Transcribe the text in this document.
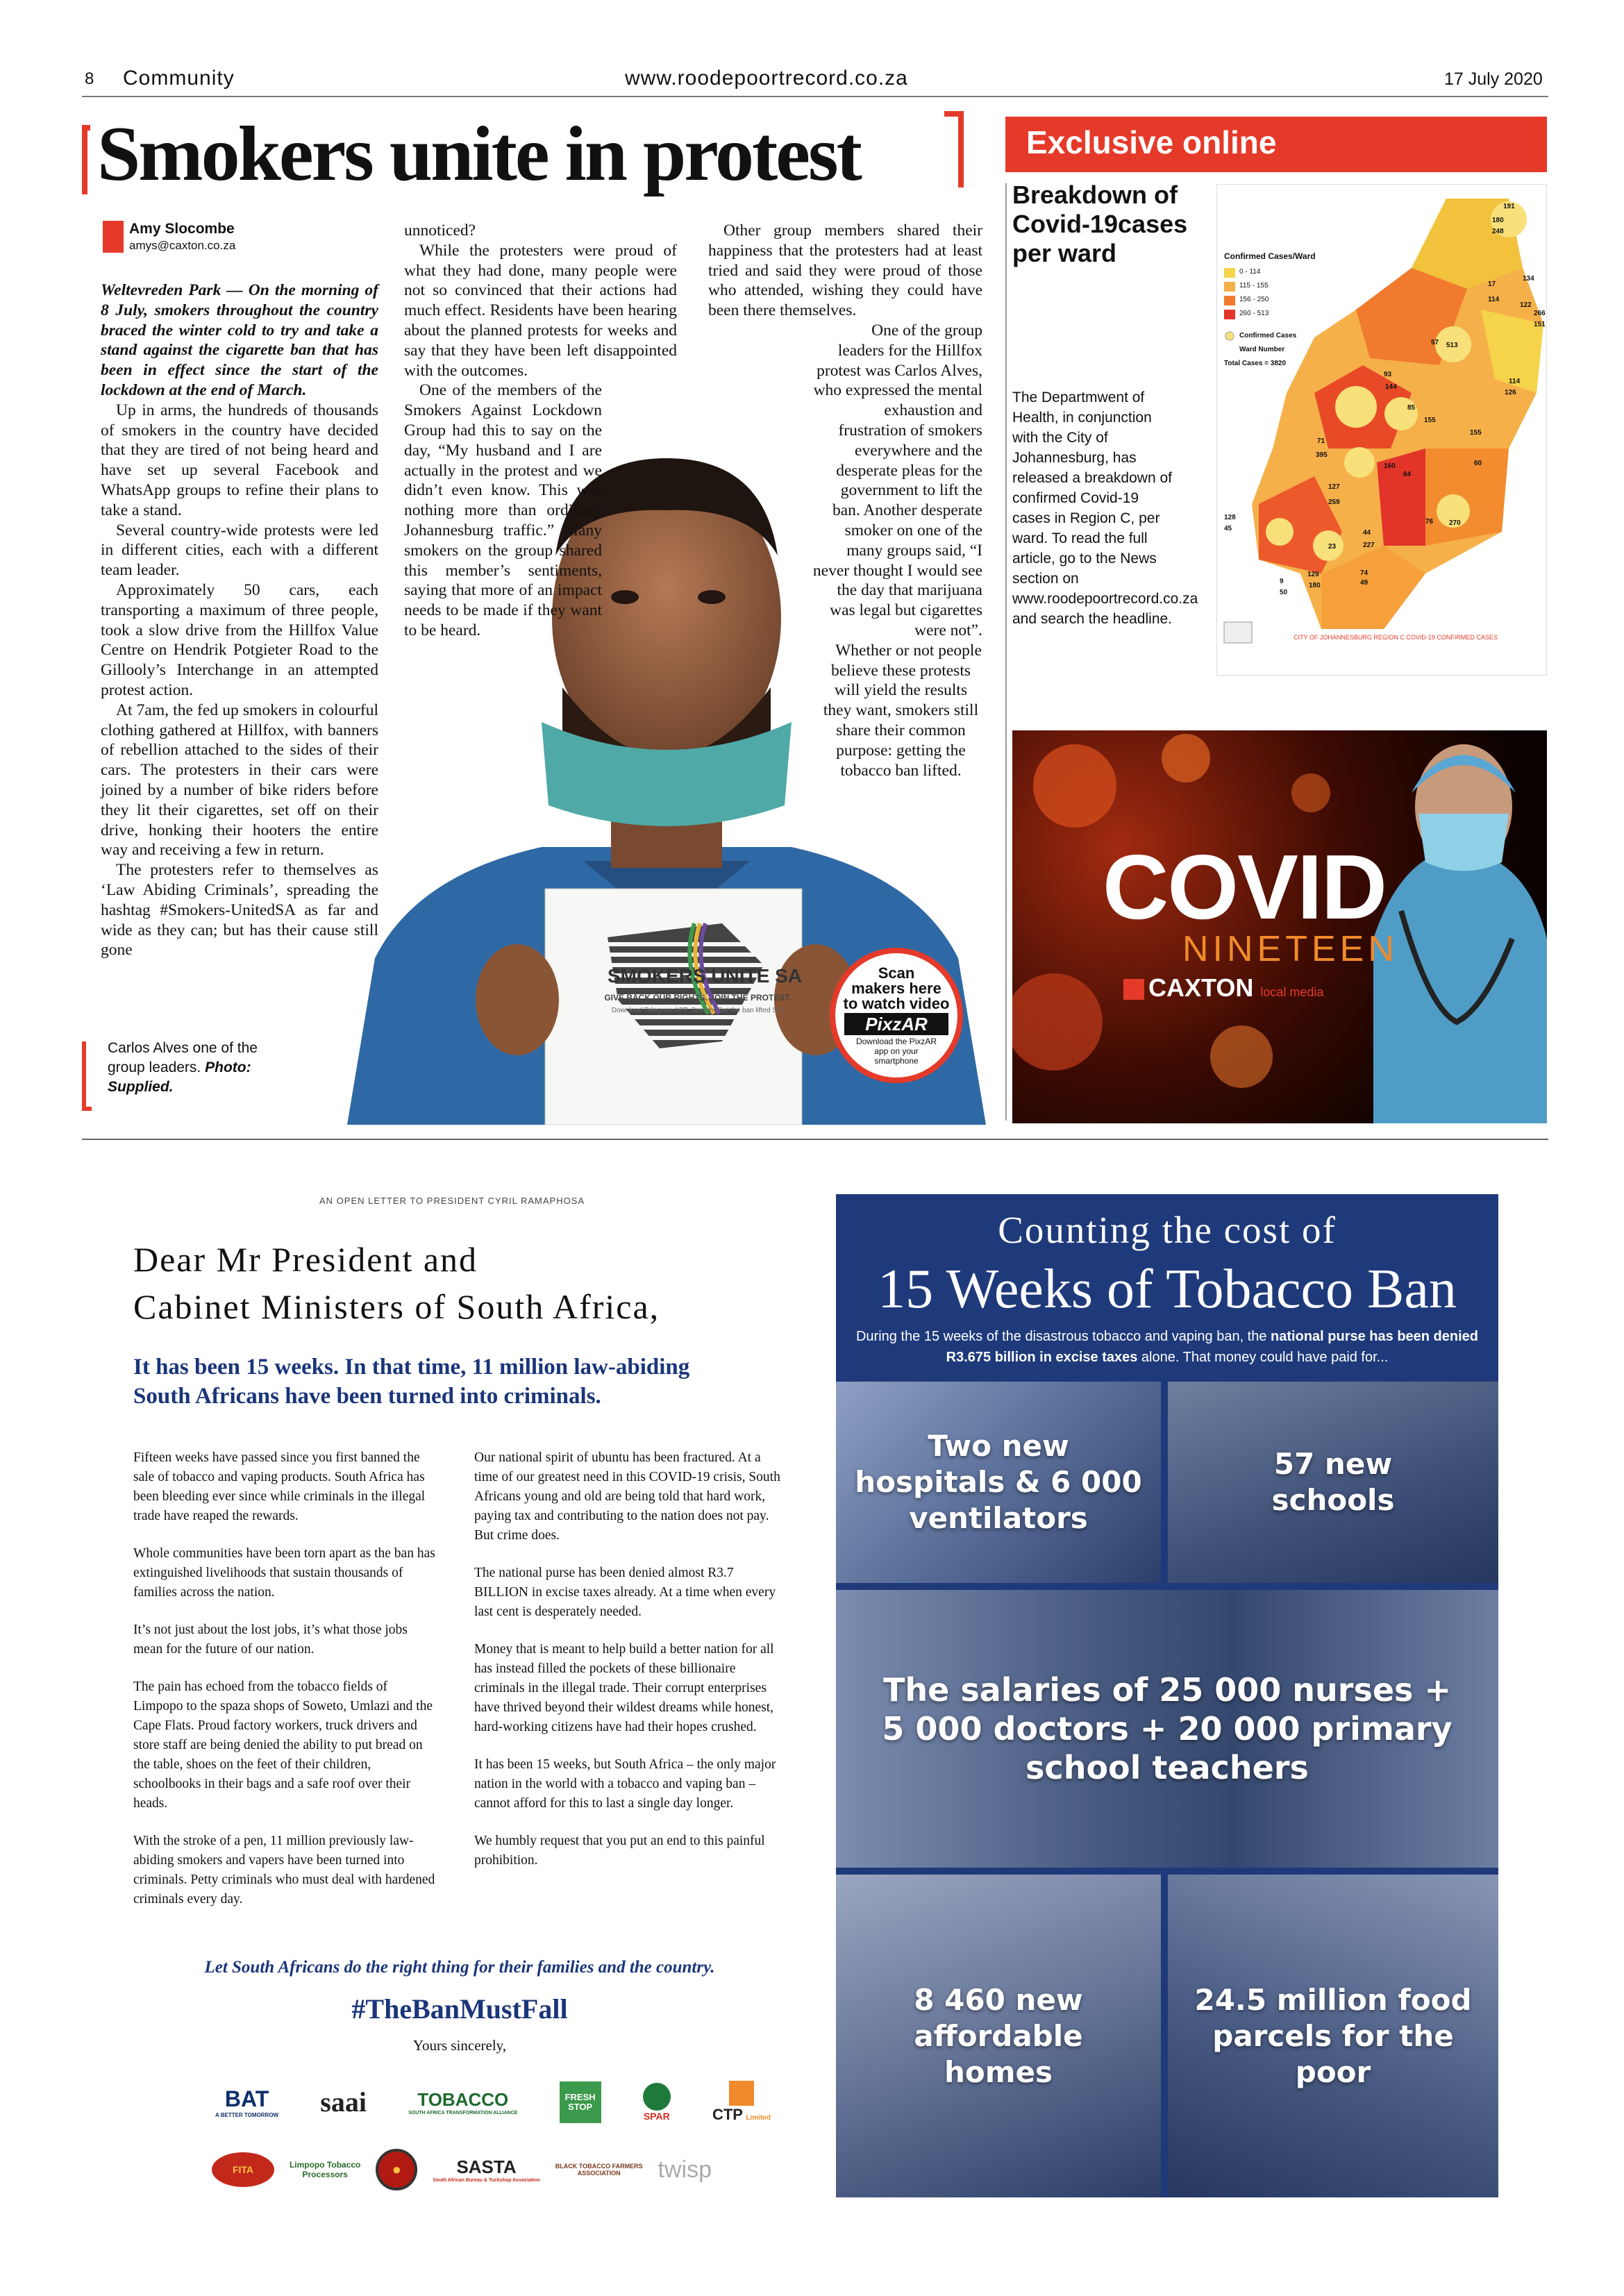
8 Community	www.roodepoortrecord.co.za	17 July 2020
Smokers unite in protest
Amy Slocombe
amys@caxton.co.za

Weltevreden Park — On the morning of 8 July, smokers throughout the country braced the winter cold to try and take a stand against the cigarette ban that has been in effect since the start of the lockdown at the end of March.

Up in arms, the hundreds of thousands of smokers in the country have decided that they are tired of not being heard and have set up several Facebook and WhatsApp groups to refine their plans to take a stand.

Several country-wide protests were led in different cities, each with a different team leader.

Approximately 50 cars, each transporting a maximum of three people, took a slow drive from the Hillfox Value Centre on Hendrik Potgieter Road to the Gillooly’s Interchange in an attempted protest action.

At 7am, the fed up smokers in colourful clothing gathered at Hillfox, with banners of rebellion attached to the sides of their cars. The protesters in their cars were joined by a number of bike riders before they lit their cigarettes, set off on their drive, honking their hooters the entire way and receiving a few in return.

The protesters refer to themselves as ‘Law Abiding Criminals’, spreading the hashtag #Smokers-UnitedSA as far and wide as they can; but has their cause still gone

SMOKERS UNITE SA
GIVE BACK OUR RIGHTS. JOIN THE PROTEST.
Download Telegram APP. Search "Get the ban lifted SA"

unnoticed?

While the protesters were proud of what they had done, many people were not so convinced that their actions had much effect. Residents have been hearing about the planned protests for weeks and say that they have been left disappointed with the outcomes.

One of the members of the Smokers Against Lockdown Group had this to say on the day, “My husband and I are actually in the protest and we didn’t even know. This was nothing more than ordinary Johannesburg traffic.” Many smokers on the group shared this member’s sentiments, saying that more of an impact needs to be made if they want to be heard.

Other group members shared their happiness that the protesters had at least tried and said they were proud of those who attended, wishing they could have been there themselves.

One of the group leaders for the Hillfox protest was Carlos Alves, who expressed the mental exhaustion and frustration of smokers everywhere and the desperate pleas for the government to lift the ban. Another desperate smoker on one of the many groups said, “I never thought I would see the day that marijuana was legal but cigarettes were not”.

Whether or not people believe these protests will yield the results they want, smokers still share their common purpose: getting the tobacco ban lifted.

Carlos Alves one of the group leaders. Photo: Supplied.
Scan
makers here
to watch video
PixzAR
Download the PixzAR app on your smartphone
Exclusive online
Breakdown of Covid-19cases per ward
The Departmwent of Health, in conjunction with the City of Johannesburg, has released a breakdown of confirmed Covid-19 cases in Region C, per ward. To read the full article, go to the News section on www.roodepoortrecord.co.za and search the headline.
Confirmed Cases/Ward
0 - 114
115 - 155
156 - 250
260 - 513
Confirmed Cases
Ward Number
Total Cases = 3820
CITY OF JOHANNESBURG REGION C COVID-19 CONFIRMED CASES
191
180
248
134
17
114
122
266
151
57 513
93
144
114
126
85
155
155
71
395
160
64
60
127
259
128
45
76 270
44
227
23
129
180
74
49
9
50
COVID
NINETEEN
CAXTON local media
AN OPEN LETTER TO PRESIDENT CYRIL RAMAPHOSA
Dear Mr President and
Cabinet Ministers of South Africa,
It has been 15 weeks. In that time, 11 million law-abiding
South Africans have been turned into criminals.

Fifteen weeks have passed since you first banned the sale of tobacco and vaping products. South Africa has been bleeding ever since while criminals in the illegal trade have reaped the rewards.

Whole communities have been torn apart as the ban has extinguished livelihoods that sustain thousands of families across the nation.

It’s not just about the lost jobs, it’s what those jobs mean for the future of our nation.

The pain has echoed from the tobacco fields of Limpopo to the spaza shops of Soweto, Umlazi and the Cape Flats. Proud factory workers, truck drivers and store staff are being denied the ability to put bread on the table, shoes on the feet of their children, schoolbooks in their bags and a safe roof over their heads.

With the stroke of a pen, 11 million previously law-abiding smokers and vapers have been turned into criminals. Petty criminals who must deal with hardened criminals every day.

Our national spirit of ubuntu has been fractured. At a time of our greatest need in this COVID-19 crisis, South Africans young and old are being told that hard work, paying tax and contributing to the nation does not pay. But crime does.

The national purse has been denied almost R3.7 BILLION in excise taxes already. At a time when every last cent is desperately needed.

Money that is meant to help build a better nation for all has instead filled the pockets of these billionaire criminals in the illegal trade. Their corrupt enterprises have thrived beyond their wildest dreams while honest, hard-working citizens have had their hopes crushed.

It has been 15 weeks, but South Africa – the only major nation in the world with a tobacco and vaping ban – cannot afford for this to last a single day longer.

We humbly request that you put an end to this painful prohibition.

Let South Africans do the right thing for their families and the country.
#TheBanMustFall
Yours sincerely,
BAT
A BETTER TOMORROW saai	TOBACCO
SOUTH AFRICA TRANSFORMATION ALLIANCE
FRESH STOP
SPAR	CTP Limited
FITA	Limpopo Tobacco
Processors	●	SASTA
South African Bureau & Tuckshop Association
BLACK TOBACCO FARMERS
ASSOCIATION twisp
Counting the cost of
15 Weeks of Tobacco Ban
During the 15 weeks of the disastrous tobacco and vaping ban, the national purse has been denied R3.675 billion in excise taxes alone. That money could have paid for...
Two new hospitals & 6 000 ventilators
57 new schools
The salaries of 25 000 nurses + 5 000 doctors + 20 000 primary school teachers
8 460 new affordable homes
24.5 million food parcels for the poor
